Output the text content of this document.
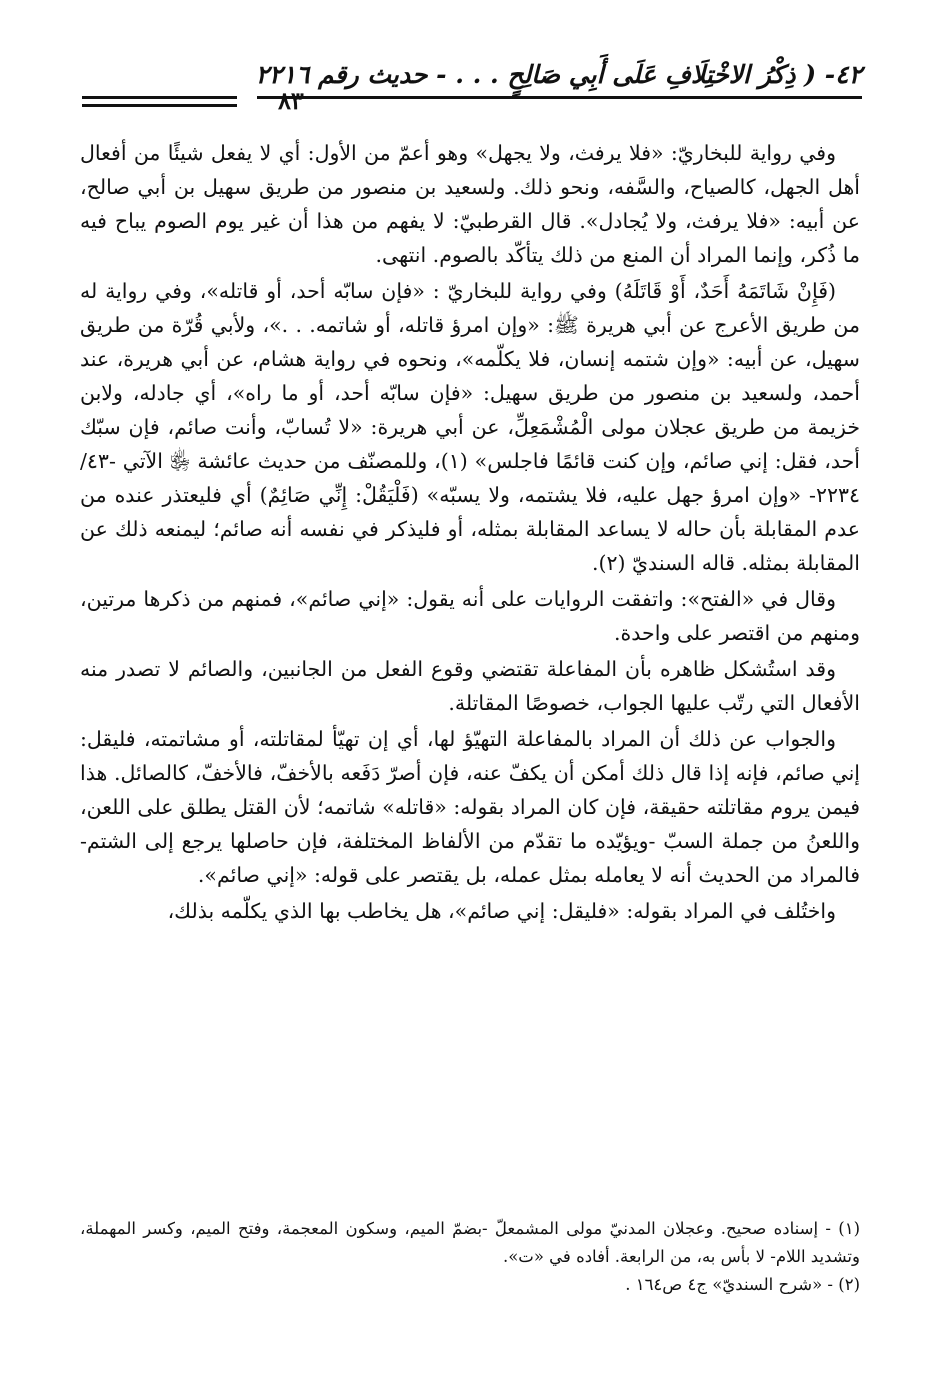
٤٢- ( ذِكْرُ الاخْتِلَافِ عَلَى أَبِي صَالِحٍ . . . - حديث رقم ٢٢١٦
٨٣

وفي رواية للبخاريّ: «فلا يرفث، ولا يجهل» وهو أعمّ من الأول: أي لا يفعل شيئًا من أفعال أهل الجهل، كالصياح، والسَّفه، ونحو ذلك. ولسعيد بن منصور من طريق سهيل بن أبي صالح، عن أبيه: «فلا يرفث، ولا يُجادل». قال القرطبيّ: لا يفهم من هذا أن غير يوم الصوم يباح فيه ما ذُكر، وإنما المراد أن المنع من ذلك يتأكّد بالصوم. انتهى.

(فَإِنْ شَاتَمَهُ أَحَدٌ، أَوْ قَاتَلَهُ) وفي رواية للبخاريّ : «فإن سابّه أحد، أو قاتله»، وفي رواية له من طريق الأعرج عن أبي هريرة ﷺ: «وإن امرؤ قاتله، أو شاتمه. . .»، ولأبي قُرّة من طريق سهيل، عن أبيه: «وإن شتمه إنسان، فلا يكلّمه»، ونحوه في رواية هشام، عن أبي هريرة، عند أحمد، ولسعيد بن منصور من طريق سهيل: «فإن سابّه أحد، أو ما راه»، أي جادله، ولابن خزيمة من طريق عجلان مولى الْمُشْمَعِلِّ، عن أبي هريرة: «لا تُسابّ، وأنت صائم، فإن سبّك أحد، فقل: إني صائم، وإن كنت قائمًا فاجلس» (١)، وللمصنّف من حديث عائشة ﵂ الآتي -٤٣/ ٢٢٣٤- «وإن امرؤ جهل عليه، فلا يشتمه، ولا يسبّه» (فَلْيَقُلْ: إِنِّي صَائِمٌ) أي فليعتذر عنده من عدم المقابلة بأن حاله لا يساعد المقابلة بمثله، أو فليذكر في نفسه أنه صائم؛ ليمنعه ذلك عن المقابلة بمثله. قاله السنديّ (٢).

وقال في «الفتح»: واتفقت الروايات على أنه يقول: «إني صائم»، فمنهم من ذكرها مرتين، ومنهم من اقتصر على واحدة.

وقد استُشكل ظاهره بأن المفاعلة تقتضي وقوع الفعل من الجانبين، والصائم لا تصدر منه الأفعال التي رتّب عليها الجواب، خصوصًا المقاتلة.

والجواب عن ذلك أن المراد بالمفاعلة التهيّؤ لها، أي إن تهيّأ لمقاتلته، أو مشاتمته، فليقل: إني صائم، فإنه إذا قال ذلك أمكن أن يكفّ عنه، فإن أصرّ دَفَعه بالأخفّ، فالأخفّ، كالصائل. هذا فيمن يروم مقاتلته حقيقة، فإن كان المراد بقوله: «قاتله» شاتمه؛ لأن القتل يطلق على اللعن، واللعنُ من جملة السبّ -ويؤيّده ما تقدّم من الألفاظ المختلفة، فإن حاصلها يرجع إلى الشتم- فالمراد من الحديث أنه لا يعامله بمثل عمله، بل يقتصر على قوله: «إني صائم».

واختُلف في المراد بقوله: «فليقل: إني صائم»، هل يخاطب بها الذي يكلّمه بذلك،

(١) - إسناده صحيح. وعجلان المدنيّ مولى المشمعلّ -بضمّ الميم، وسكون المعجمة، وفتح الميم، وكسر المهملة، وتشديد اللام- لا بأس به، من الرابعة. أفاده في «ت».

(٢) - «شرح السنديّ» ج٤ ص١٦٤ .
